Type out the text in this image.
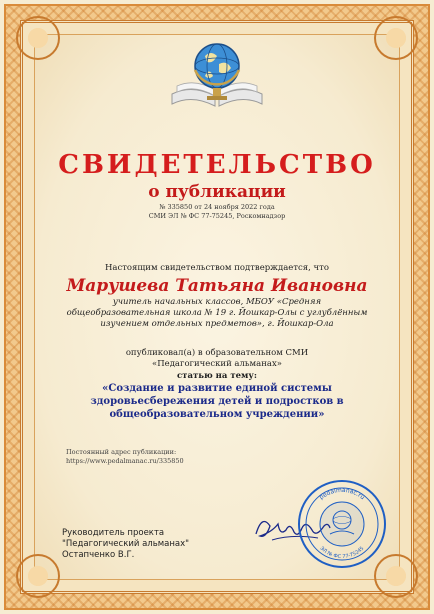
СВИДЕТЕЛЬСТВО
о публикации
№ 335850 от 24 ноября 2022 года
СМИ ЭЛ № ФС 77-75245, Роскомнадзор
Настоящим свидетельством подтверждается, что
Марушева Татьяна Ивановна
учитель начальных классов, МБОУ «Средняя общеобразовательная школа № 19 г. Йошкар-Олы с углублённым изучением отдельных предметов», г. Йошкар-Ола
опубликовал(а) в образовательном СМИ
«Педагогический альманах»
статью на тему:
«Создание и развитие единой системы здоровьесбережения детей и подростков в общеобразовательном учреждении»
Постоянный адрес публикации:
https://www.pedalmanac.ru/335850
Руководитель проекта
"Педагогический альманах"
Остапченко В.Г.
pedalmanac.ru
ЭЛ № ФС 77-75245
